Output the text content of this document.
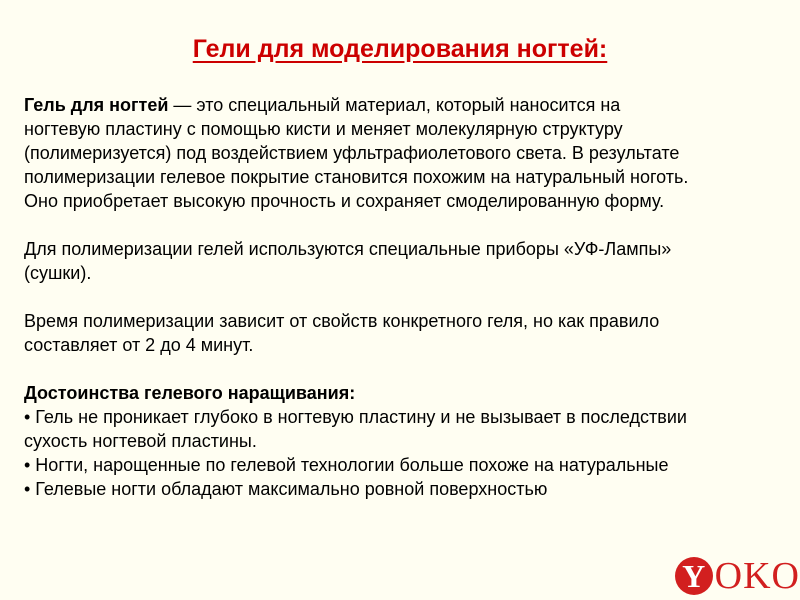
Гели для моделирования ногтей:

Гель для ногтей — это специальный материал, который наносится на

ногтевую пластину с помощью кисти и меняет молекулярную структуру

(полимеризуется) под воздействием уфльтрафиолетового света. В результате

полимеризации гелевое покрытие становится похожим на натуральный ноготь.

Оно приобретает высокую прочность и сохраняет смоделированную форму.

Для полимеризации гелей используются специальные приборы «УФ-Лампы»

(сушки).

Время полимеризации зависит от свойств конкретного геля, но как правило

составляет от 2 до 4 минут.

Достоинства гелевого наращивания:

• Гель не проникает глубоко в ногтевую пластину и не вызывает в последствии
сухость ногтевой пластины.
• Ногти, нарощенные по гелевой технологии больше похоже на натуральные
• Гелевые ногти обладают максимально ровной поверхностью
Y OKO
